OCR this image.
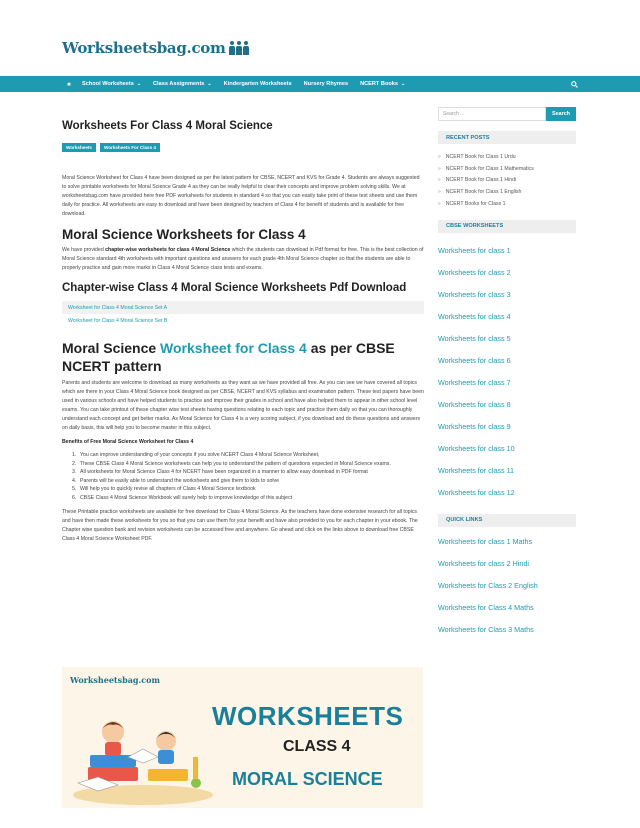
Worksheetsbag.com
School Worksheets ⌄ Class Assignments ⌄ Kindergarten Worksheets Nursery Rhymes NCERT Books ⌄
Worksheets For Class 4 Moral Science
Worksheets	Worksheets For Class 4

Moral Science Worksheet for Class 4 have been designed as per the latest pattern for CBSE, NCERT and KVS for Grade 4. Students are always suggested to solve printable worksheets for Moral Science Grade 4 as they can be really helpful to clear their concepts and improve problem solving skills. We at worksheetsbag.com have provided here free PDF worksheets for students in standard 4 so that you can easily take print of these test sheets and use them daily for practice. All worksheets are easy to download and have been designed by teachers of Class 4 for benefit of students and is available for free download.

Moral Science Worksheets for Class 4

We have provided chapter-wise worksheets for class 4 Moral Science which the students can download in Pdf format for free. This is the best collection of Moral Science standard 4th worksheets with important questions and answers for each grade 4th Moral Science chapter so that the students are able to properly practice and gain more marks in Class 4 Moral Science class tests and exams.

Chapter-wise Class 4 Moral Science Worksheets Pdf Download
Worksheet for Class 4 Moral Science Set A
Worksheet for Class 4 Moral Science Set B
Moral Science Worksheet for Class 4 as per CBSE NCERT pattern

Parents and students are welcome to download as many worksheets as they want as we have provided all free. As you can see we have covered all topics which are there in your Class 4 Moral Science book designed as per CBSE, NCERT and KVS syllabus and examination pattern. These test papers have been used in various schools and have helped students to practice and improve their grades in school and have also helped them to appear in other school level exams. You can take printout of these chapter wise test sheets having questions relating to each topic and practice them daily so that you can thoroughly understand each concept and get better marks. As Moral Science for Class 4 is a very scoring subject, if you download and do these questions and answers on daily basis, this will help you to become master in this subject.

Benefits of Free Moral Science Worksheet for Class 4

1. You can improve understanding of your concepts if you solve NCERT Class 4 Moral Science Worksheet,
2. These CBSE Class 4 Moral Science worksheets can help you to understand the pattern of questions expected in Moral Science exams.
3. All worksheets for Moral Science Class 4 for NCERT have been organized in a manner to allow easy download in PDF format
4. Parents will be easily able to understand the worksheets and give them to kids to solve
5. Will help you to quickly revise all chapters of Class 4 Moral Science textbook
6. CBSE Class 4 Moral Science Workbook will surely help to improve knowledge of this subject

These Printable practice worksheets are available for free download for Class 4 Moral Science. As the teachers have done extensive research for all topics and have then made these worksheets for you so that you can use them for your benefit and have also provided to you for each chapter in your ebook. The Chapter wise question bank and revision worksheets can be accessed free and anywhere. Go ahead and click on the links above to download free CBSE Class 4 Moral Science Worksheet PDF.

Worksheetsbag.com
WORKSHEETS
CLASS 4
MORAL SCIENCE
Search ...	Search
RECENT POSTS
» NCERT Book for Class 1 Urdu
» NCERT Book for Class 1 Mathematics
» NCERT Book for Class 1 Hindi
» NCERT Book for Class 1 English
» NCERT Books for Class 1
CBSE WORKSHEETS
Worksheets for class 1
Worksheets for class 2
Worksheets for class 3
Worksheets for class 4
Worksheets for class 5
Worksheets for class 6
Worksheets for class 7
Worksheets for class 8
Worksheets for class 9
Worksheets for class 10
Worksheets for class 11
Worksheets for class 12
QUICK LINKS
Worksheets for class 1 Maths
Worksheets for class 2 Hindi
Worksheets for Class 2 English
Worksheets for Class 4 Maths
Worksheets for Class 3 Maths
